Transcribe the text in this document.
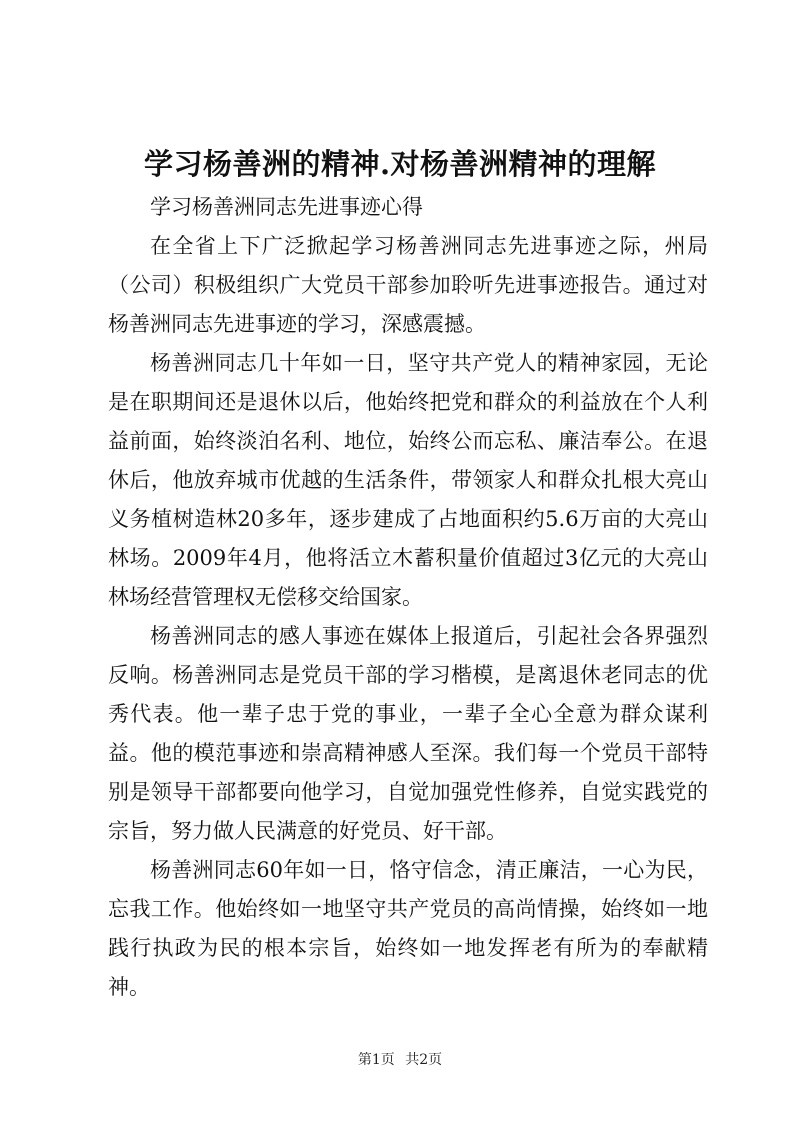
学习杨善洲的精神.对杨善洲精神的理解

学习杨善洲同志先进事迹心得

在全省上下广泛掀起学习杨善洲同志先进事迹之际，州局（公司）积极组织广大党员干部参加聆听先进事迹报告。通过对杨善洲同志先进事迹的学习，深感震撼。

杨善洲同志几十年如一日，坚守共产党人的精神家园，无论是在职期间还是退休以后，他始终把党和群众的利益放在个人利益前面，始终淡泊名利、地位，始终公而忘私、廉洁奉公。在退休后，他放弃城市优越的生活条件，带领家人和群众扎根大亮山义务植树造林20多年，逐步建成了占地面积约5.6万亩的大亮山林场。2009年4月，他将活立木蓄积量价值超过3亿元的大亮山林场经营管理权无偿移交给国家。

杨善洲同志的感人事迹在媒体上报道后，引起社会各界强烈反响。杨善洲同志是党员干部的学习楷模，是离退休老同志的优秀代表。他一辈子忠于党的事业，一辈子全心全意为群众谋利益。他的模范事迹和崇高精神感人至深。我们每一个党员干部特别是领导干部都要向他学习，自觉加强党性修养，自觉实践党的宗旨，努力做人民满意的好党员、好干部。

杨善洲同志60年如一日，恪守信念，清正廉洁，一心为民，忘我工作。他始终如一地坚守共产党员的高尚情操，始终如一地践行执政为民的根本宗旨，始终如一地发挥老有所为的奉献精神。

第1页 共2页
